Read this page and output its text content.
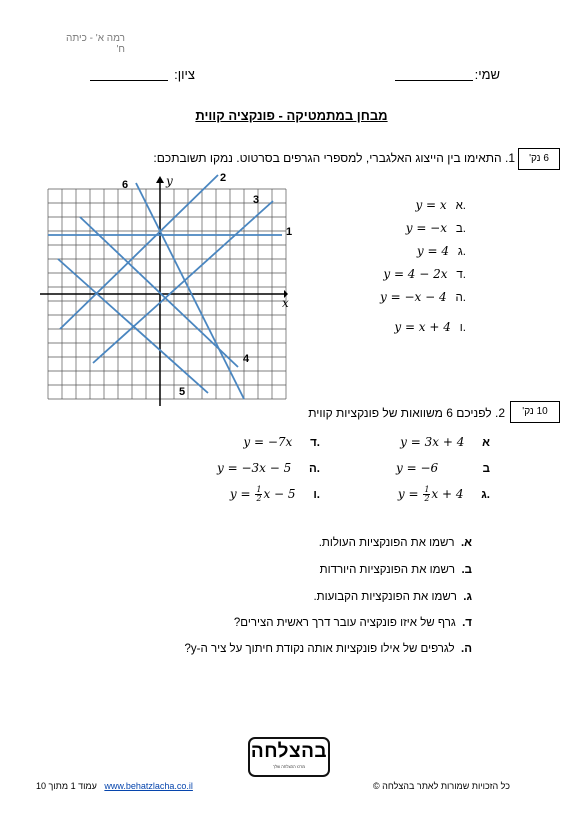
רמה א' - כיתה ח'
שמי:
ציון:
מבחן במתמטיקה - פונקציה קווית
6 נק'
1. התאימו בין הייצוג האלגברי, למספרי הגרפים בסרטוט. נמקו תשובתכם:
6
2
3
1
4
5
y
x
y = x א.
y = −x ב.
y = 4 ג.
y = 4 − 2x ד.
y = −x − 4 ה.
y = x + 4 ו.
10 נק'
2. לפניכם 6 משוואות של פונקציות קווית
y = 3x + 4 א
y = −6	ב
$y = \frac{1}{2}$ x + 4 ג.
y = −7x ד.
y = −3x − 5 ה.
$y = \frac{1}{2}$ x − 5 ו.
א.  רשמו את הפונקציות העולות.
ב.  רשמו את הפונקציות היורדות
ג.  רשמו את הפונקציות הקבועות.
ד.  גרף של איזו פונקציה עובר דרך ראשית הצירים?
ה.  לגרפים של אילו פונקציות אותה נקודת חיתוך על ציר ה-y?
בהצלחה
מרכז ההצלחה שלך
עמוד 1 מתוך 10 www.behatzlacha.co.il	כל הזכויות שמורות לאתר בהצלחה ©
